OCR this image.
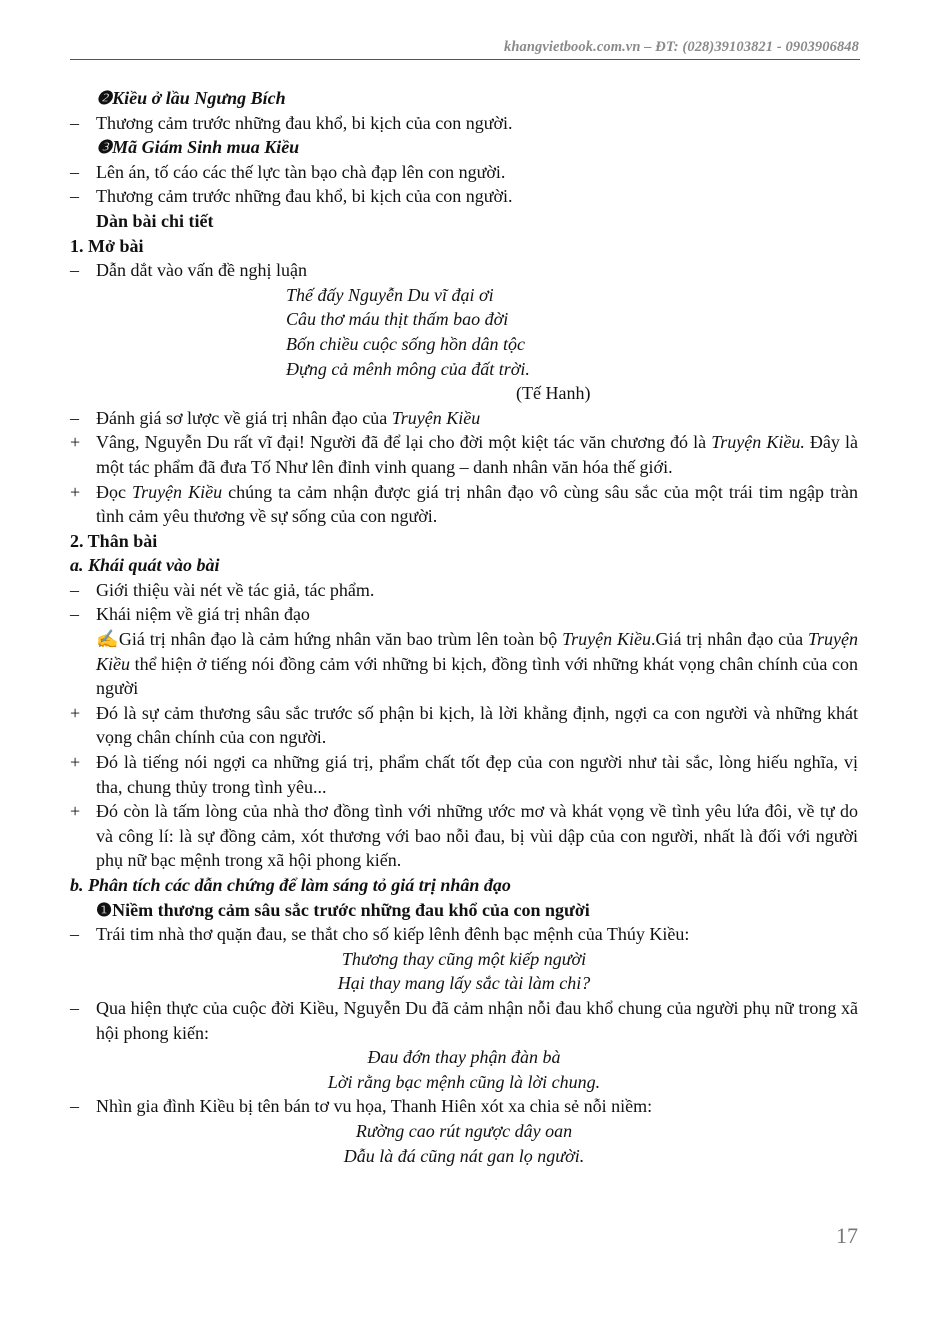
khangvietbook.com.vn – ĐT: (028)39103821 - 0903906848
❷Kiều ở lầu Ngưng Bích
– Thương cảm trước những đau khổ, bi kịch của con người.
❸Mã Giám Sinh mua Kiều
– Lên án, tố cáo các thế lực tàn bạo chà đạp lên con người.
– Thương cảm trước những đau khổ, bi kịch của con người.
Dàn bài chi tiết
1. Mở bài
– Dẫn dắt vào vấn đề nghị luận
Thế đấy Nguyễn Du vĩ đại ơi
Câu thơ máu thịt thấm bao đời
Bốn chiều cuộc sống hồn dân tộc
Đựng cả mênh mông của đất trời.
(Tế Hanh)
– Đánh giá sơ lược về giá trị nhân đạo của Truyện Kiều
+ Vâng, Nguyễn Du rất vĩ đại! Người đã để lại cho đời một kiệt tác văn chương đó là Truyện Kiều. Đây là một tác phẩm đã đưa Tố Như lên đỉnh vinh quang – danh nhân văn hóa thế giới.
+ Đọc Truyện Kiều chúng ta cảm nhận được giá trị nhân đạo vô cùng sâu sắc của một trái tim ngập tràn tình cảm yêu thương về sự sống của con người.
2. Thân bài
a. Khái quát vào bài
– Giới thiệu vài nét về tác giả, tác phẩm.
– Khái niệm về giá trị nhân đạo
✍Giá trị nhân đạo là cảm hứng nhân văn bao trùm lên toàn bộ Truyện Kiều.Giá trị nhân đạo của Truyện Kiều thể hiện ở tiếng nói đồng cảm với những bi kịch, đồng tình với những khát vọng chân chính của con người
+ Đó là sự cảm thương sâu sắc trước số phận bi kịch, là lời khẳng định, ngợi ca con người và những khát vọng chân chính của con người.
+ Đó là tiếng nói ngợi ca những giá trị, phẩm chất tốt đẹp của con người như tài sắc, lòng hiếu nghĩa, vị tha, chung thủy trong tình yêu...
+ Đó còn là tấm lòng của nhà thơ đồng tình với những ước mơ và khát vọng về tình yêu lứa đôi, về tự do và công lí: là sự đồng cảm, xót thương với bao nỗi đau, bị vùi dập của con người, nhất là đối với người phụ nữ bạc mệnh trong xã hội phong kiến.
b. Phân tích các dẫn chứng để làm sáng tỏ giá trị nhân đạo
❶Niềm thương cảm sâu sắc trước những đau khổ của con người
– Trái tim nhà thơ quặn đau, se thắt cho số kiếp lênh đênh bạc mệnh của Thúy Kiều:
Thương thay cũng một kiếp người
Hại thay mang lấy sắc tài làm chi?
– Qua hiện thực của cuộc đời Kiều, Nguyễn Du đã cảm nhận nỗi đau khổ chung của người phụ nữ trong xã hội phong kiến:
Đau đớn thay phận đàn bà
Lời rằng bạc mệnh cũng là lời chung.
– Nhìn gia đình Kiều bị tên bán tơ vu họa, Thanh Hiên xót xa chia sẻ nỗi niềm:
Rường cao rút ngược dây oan
Dẫu là đá cũng nát gan lọ người.
17
